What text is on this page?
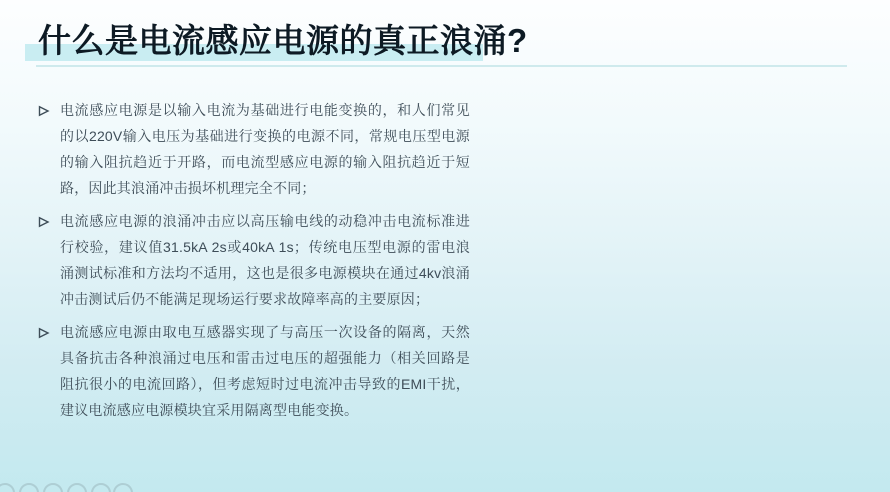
什么是电流感应电源的真正浪涌?
电流感应电源是以输入电流为基础进行电能变换的，和人们常见的以220V输入电压为基础进行变换的电源不同，常规电压型电源的输入阻抗趋近于开路，而电流型感应电源的输入阻抗趋近于短路，因此其浪涌冲击损坏机理完全不同；
电流感应电源的浪涌冲击应以高压输电线的动稳冲击电流标准进行校验，建议值31.5kA 2s或40kA 1s；传统电压型电源的雷电浪涌测试标准和方法均不适用，这也是很多电源模块在通过4kv浪涌冲击测试后仍不能满足现场运行要求故障率高的主要原因；
电流感应电源由取电互感器实现了与高压一次设备的隔离，天然具备抗击各种浪涌过电压和雷击过电压的超强能力（相关回路是阻抗很小的电流回路），但考虑短时过电流冲击导致的EMI干扰，建议电流感应电源模块宜采用隔离型电能变换。
